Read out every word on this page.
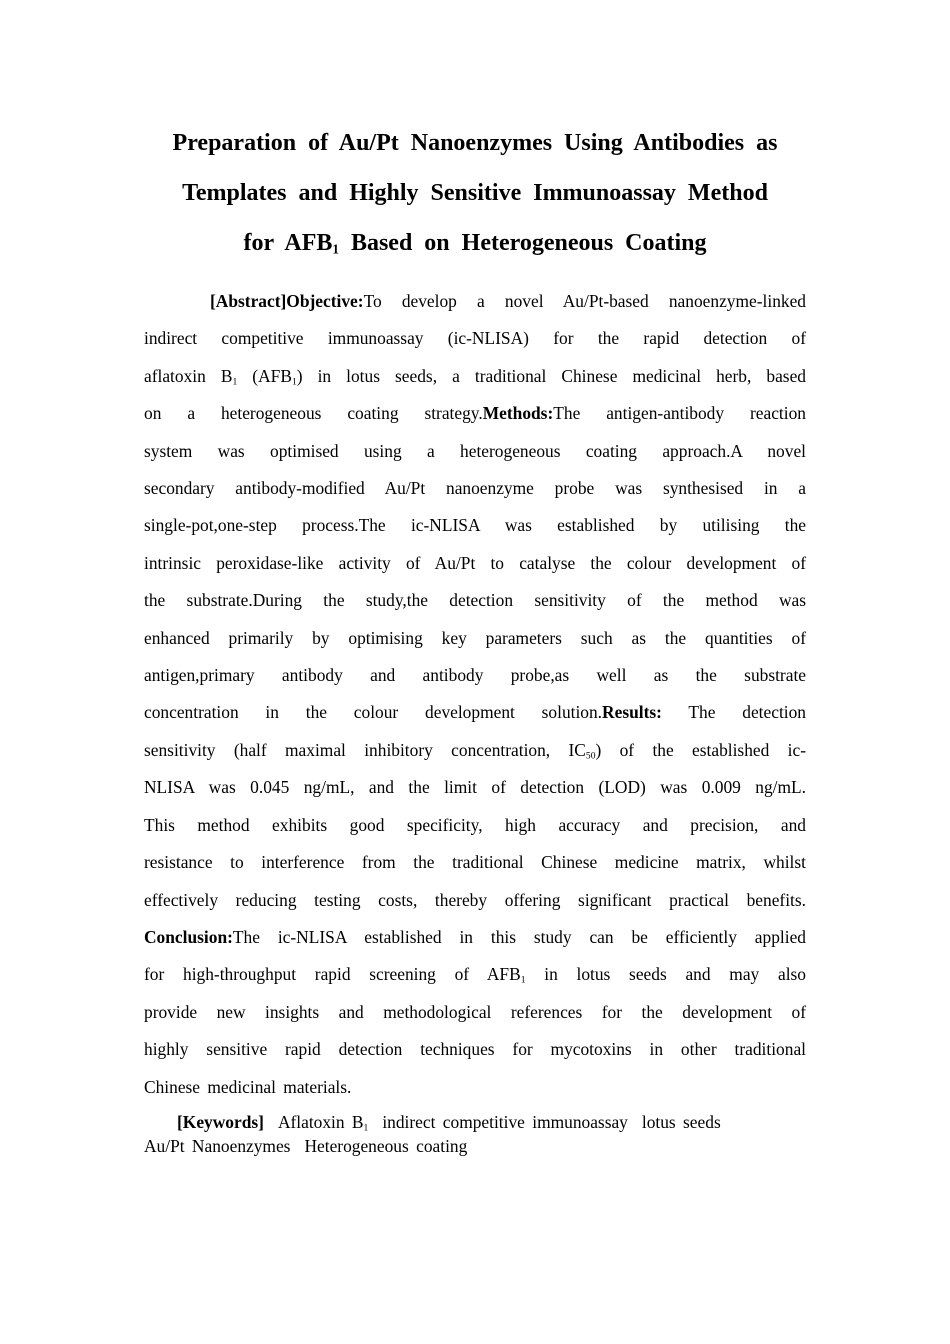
Preparation of Au/Pt Nanoenzymes Using Antibodies as
Templates and Highly Sensitive Immunoassay Method
for $AFB_1$ Based on Heterogeneous Coating
[Abstract]Objective:To develop a novel Au/Pt-based nanoenzyme-linked
indirect competitive immunoassay (ic-NLISA) for the rapid detection of
aflatoxin $B_1$ $(AFB_1)$ in lotus seeds, a traditional Chinese medicinal herb, based
on a heterogeneous coating strategy.Methods:The antigen-antibody reaction
system was optimised using a heterogeneous coating approach.A novel
secondary antibody-modified Au/Pt nanoenzyme probe was synthesised in a
single-pot,one-step process.The ic-NLISA was established by utilising the
intrinsic peroxidase-like activity of Au/Pt to catalyse the colour development of
the substrate.During the study,the detection sensitivity of the method was
enhanced primarily by optimising key parameters such as the quantities of
antigen,primary antibody and antibody probe,as well as the substrate
concentration in the colour development solution.Results: The detection
sensitivity (half maximal inhibitory concentration, $IC_{50}$) of the established ic-
NLISA was 0.045 ng/mL, and the limit of detection (LOD) was 0.009 ng/mL.
This method exhibits good specificity, high accuracy and precision, and
resistance to interference from the traditional Chinese medicine matrix, whilst
effectively reducing testing costs, thereby offering significant practical benefits.
Conclusion:The ic-NLISA established in this study can be efficiently applied
for high-throughput rapid screening of $AFB_1$ in lotus seeds and may also
provide new insights and methodological references for the development of
highly sensitive rapid detection techniques for mycotoxins in other traditional
Chinese medicinal materials.
[Keywords] Aflatoxin $B_1$ indirect competitive immunoassay lotus seeds
Au/Pt Nanoenzymes Heterogeneous coating
